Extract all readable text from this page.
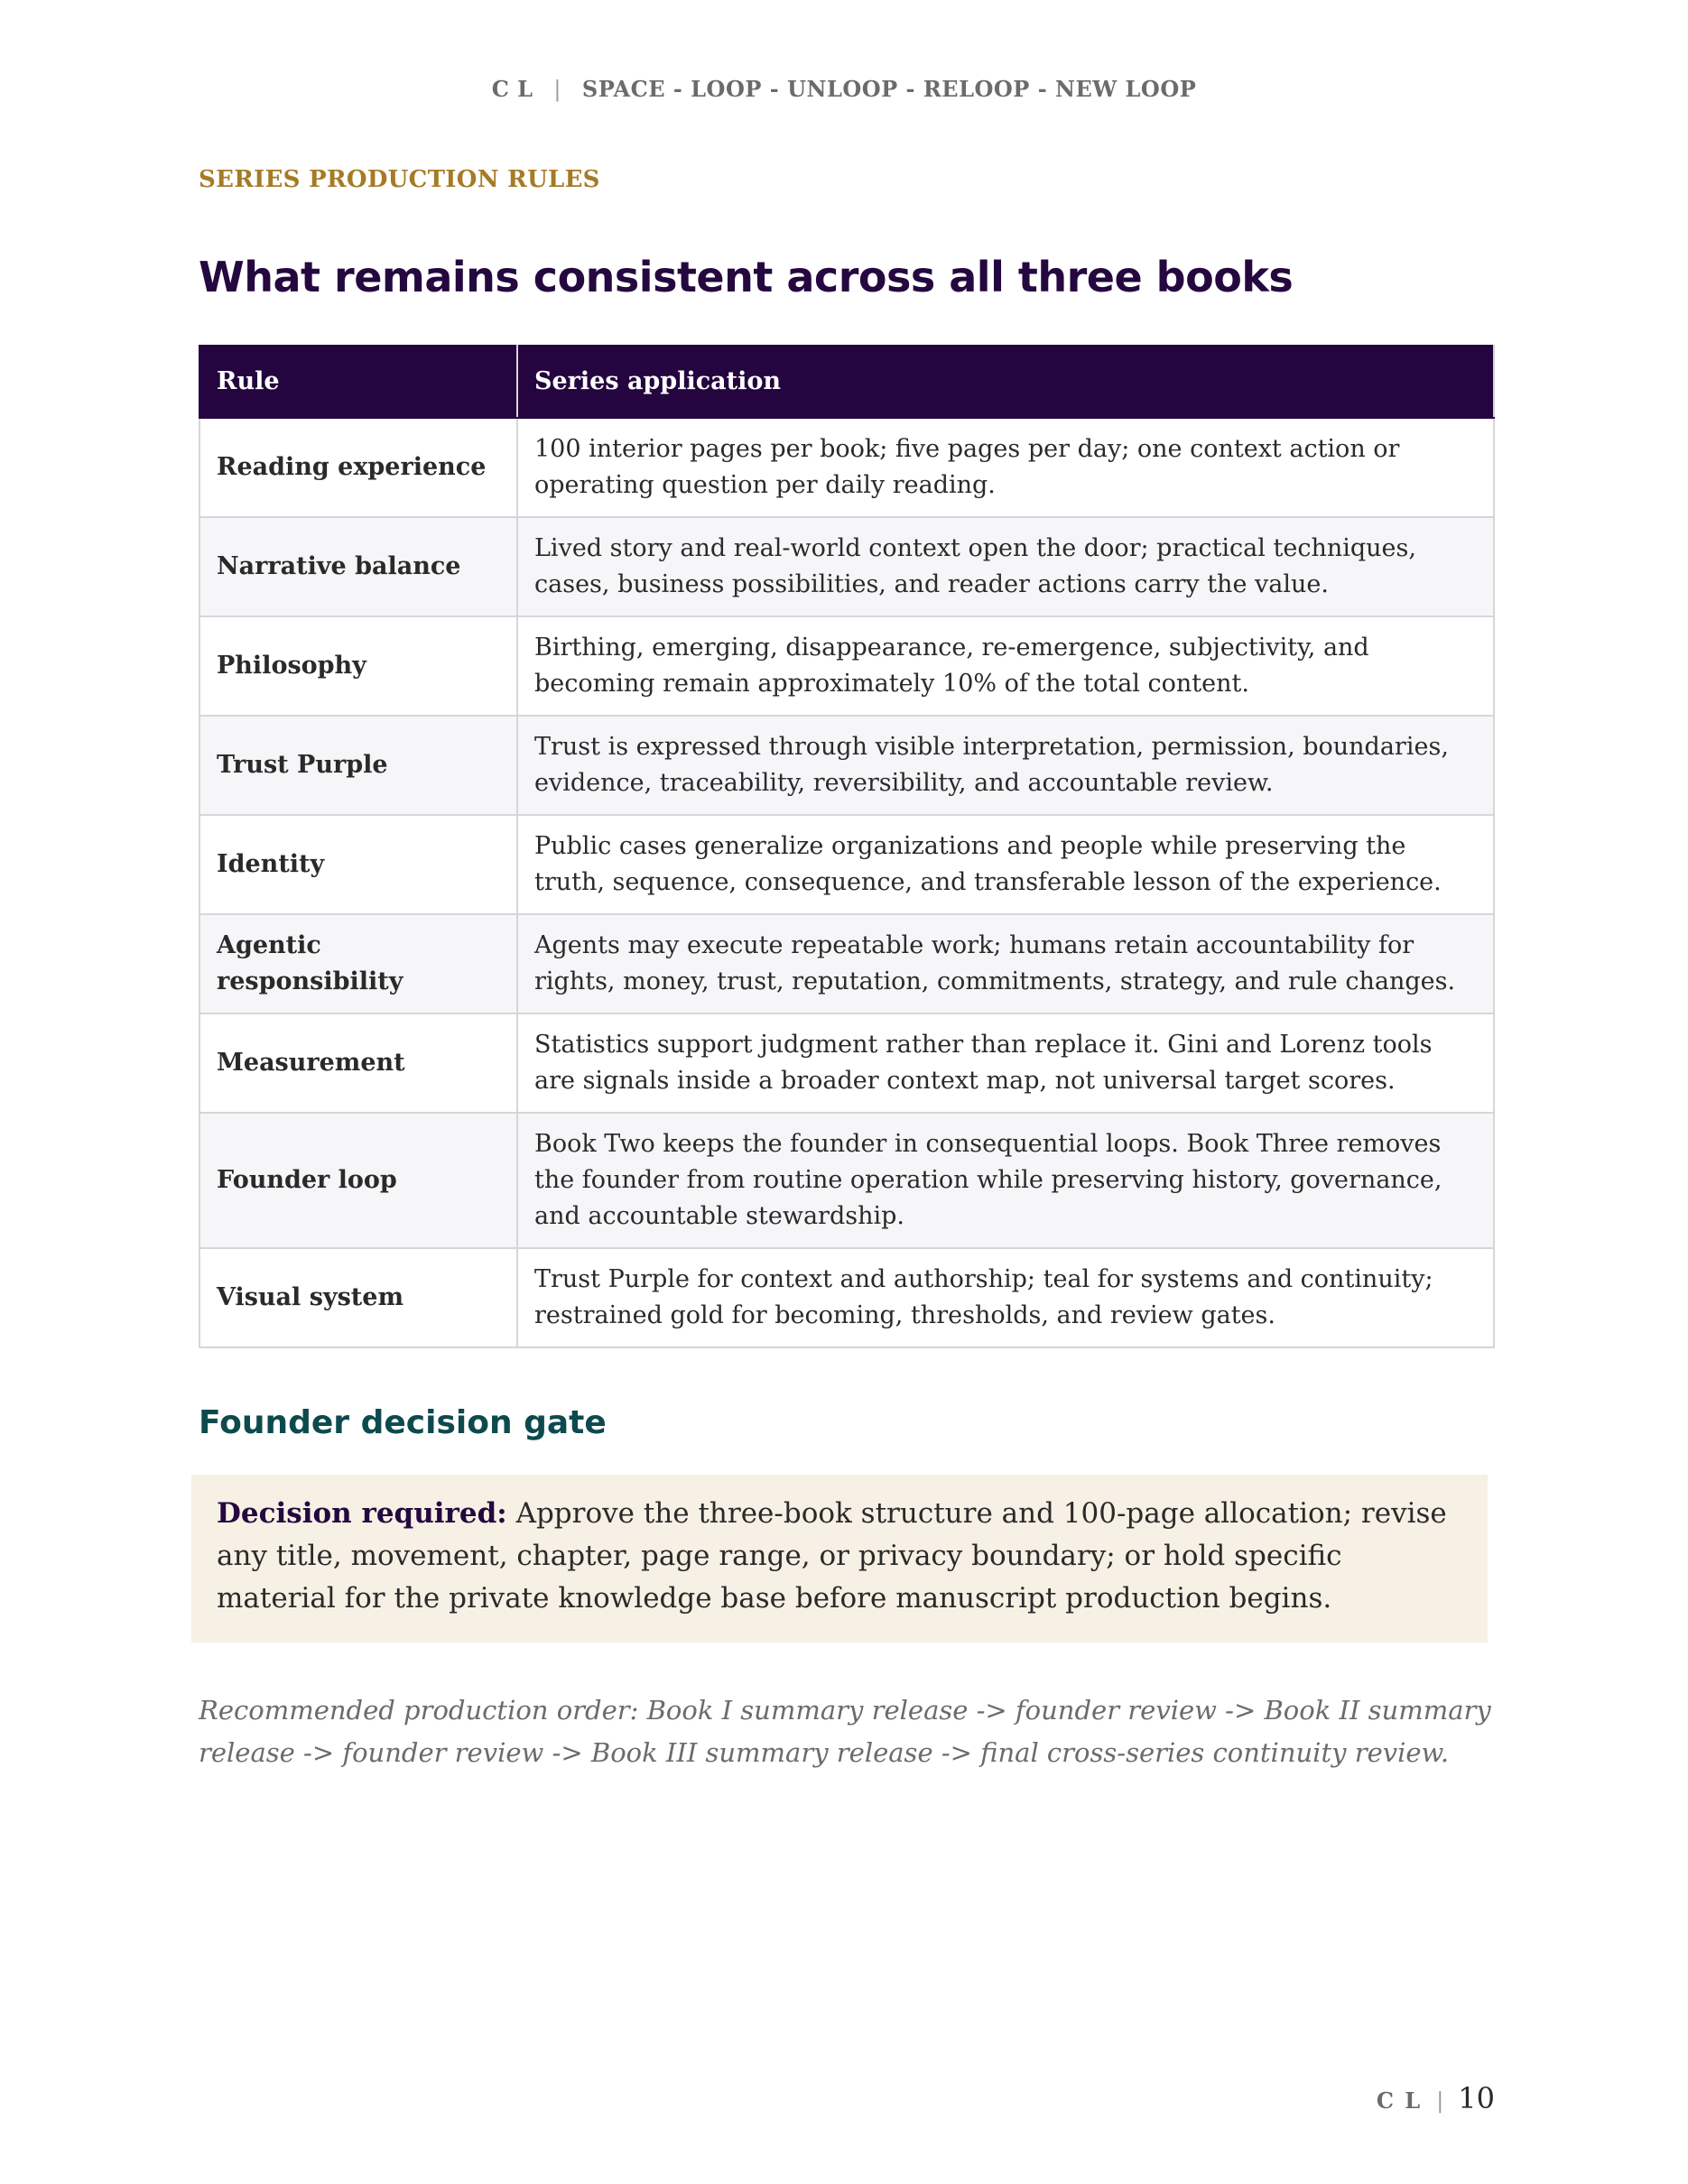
C L | SPACE - LOOP - UNLOOP - RELOOP - NEW LOOP
SERIES PRODUCTION RULES
What remains consistent across all three books
Rule	Series application
Reading experience	100 interior pages per book; five pages per day; one context action or operating question per daily reading.
Narrative balance	Lived story and real-world context open the door; practical techniques, cases, business possibilities, and reader actions carry the value.
Philosophy	Birthing, emerging, disappearance, re-emergence, subjectivity, and becoming remain approximately 10% of the total content.
Trust Purple	Trust is expressed through visible interpretation, permission, boundaries, evidence, traceability, reversibility, and accountable review.
Identity	Public cases generalize organizations and people while preserving the truth, sequence, consequence, and transferable lesson of the experience.
Agentic responsibility	Agents may execute repeatable work; humans retain accountability for rights, money, trust, reputation, commitments, strategy, and rule changes.
Measurement	Statistics support judgment rather than replace it. Gini and Lorenz tools are signals inside a broader context map, not universal target scores.
Founder loop	Book Two keeps the founder in consequential loops. Book Three removes the founder from routine operation while preserving history, governance, and accountable stewardship.
Visual system	Trust Purple for context and authorship; teal for systems and continuity; restrained gold for becoming, thresholds, and review gates.
Founder decision gate
Decision required: Approve the three-book structure and 100-page allocation; revise any title, movement, chapter, page range, or privacy boundary; or hold specific material for the private knowledge base before manuscript production begins.

Recommended production order: Book I summary release -> founder review -> Book II summary release -> founder review -> Book III summary release -> final cross-series continuity review.

C L | 10
